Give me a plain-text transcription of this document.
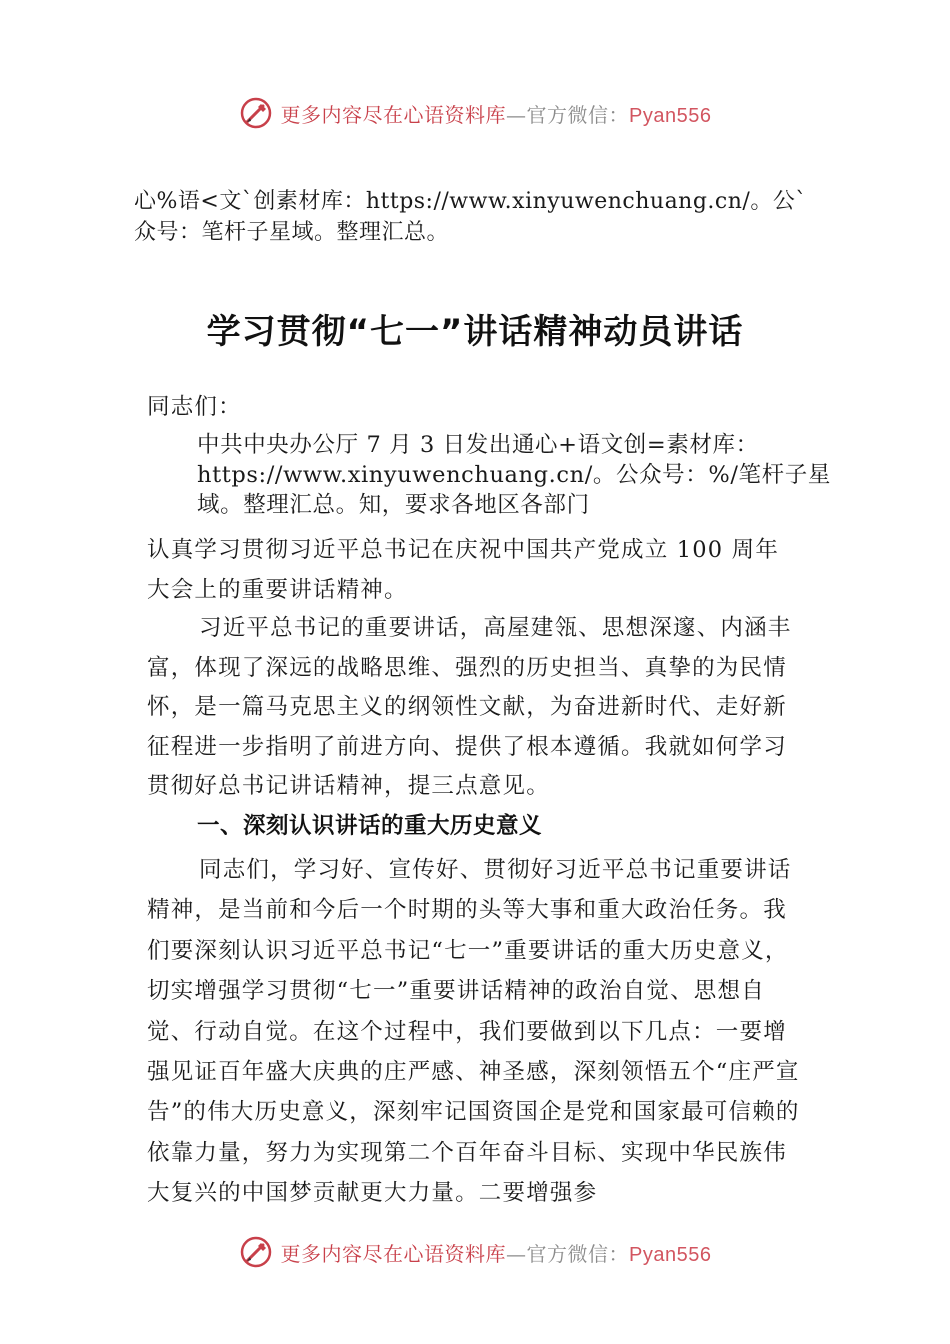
更多内容尽在心语资料库—官方微信：Pyan556
心%语<文`创素材库：https://www.xinyuwenchuang.cn/。公`众号：笔杆子星域。整理汇总。
学习贯彻“七一”讲话精神动员讲话
同志们：
中共中央办公厅 7 月 3 日发出通心+语文创=素材库：https://www.xinyuwenchuang.cn/。公众号：%/笔杆子星域。整理汇总。知，要求各地区各部门
认真学习贯彻习近平总书记在庆祝中国共产党成立 100 周年大会上的重要讲话精神。
习近平总书记的重要讲话，高屋建瓴、思想深邃、内涵丰富，体现了深远的战略思维、强烈的历史担当、真挚的为民情怀，是一篇马克思主义的纲领性文献，为奋进新时代、走好新征程进一步指明了前进方向、提供了根本遵循。我就如何学习贯彻好总书记讲话精神，提三点意见。
一、深刻认识讲话的重大历史意义
同志们，学习好、宣传好、贯彻好习近平总书记重要讲话精神，是当前和今后一个时期的头等大事和重大政治任务。我们要深刻认识习近平总书记“七一”重要讲话的重大历史意义，切实增强学习贯彻“七一”重要讲话精神的政治自觉、思想自觉、行动自觉。在这个过程中，我们要做到以下几点：一要增强见证百年盛大庆典的庄严感、神圣感，深刻领悟五个“庄严宣告”的伟大历史意义，深刻牢记国资国企是党和国家最可信赖的依靠力量，努力为实现第二个百年奋斗目标、实现中华民族伟大复兴的中国梦贡献更大力量。二要增强参
更多内容尽在心语资料库—官方微信：Pyan556
